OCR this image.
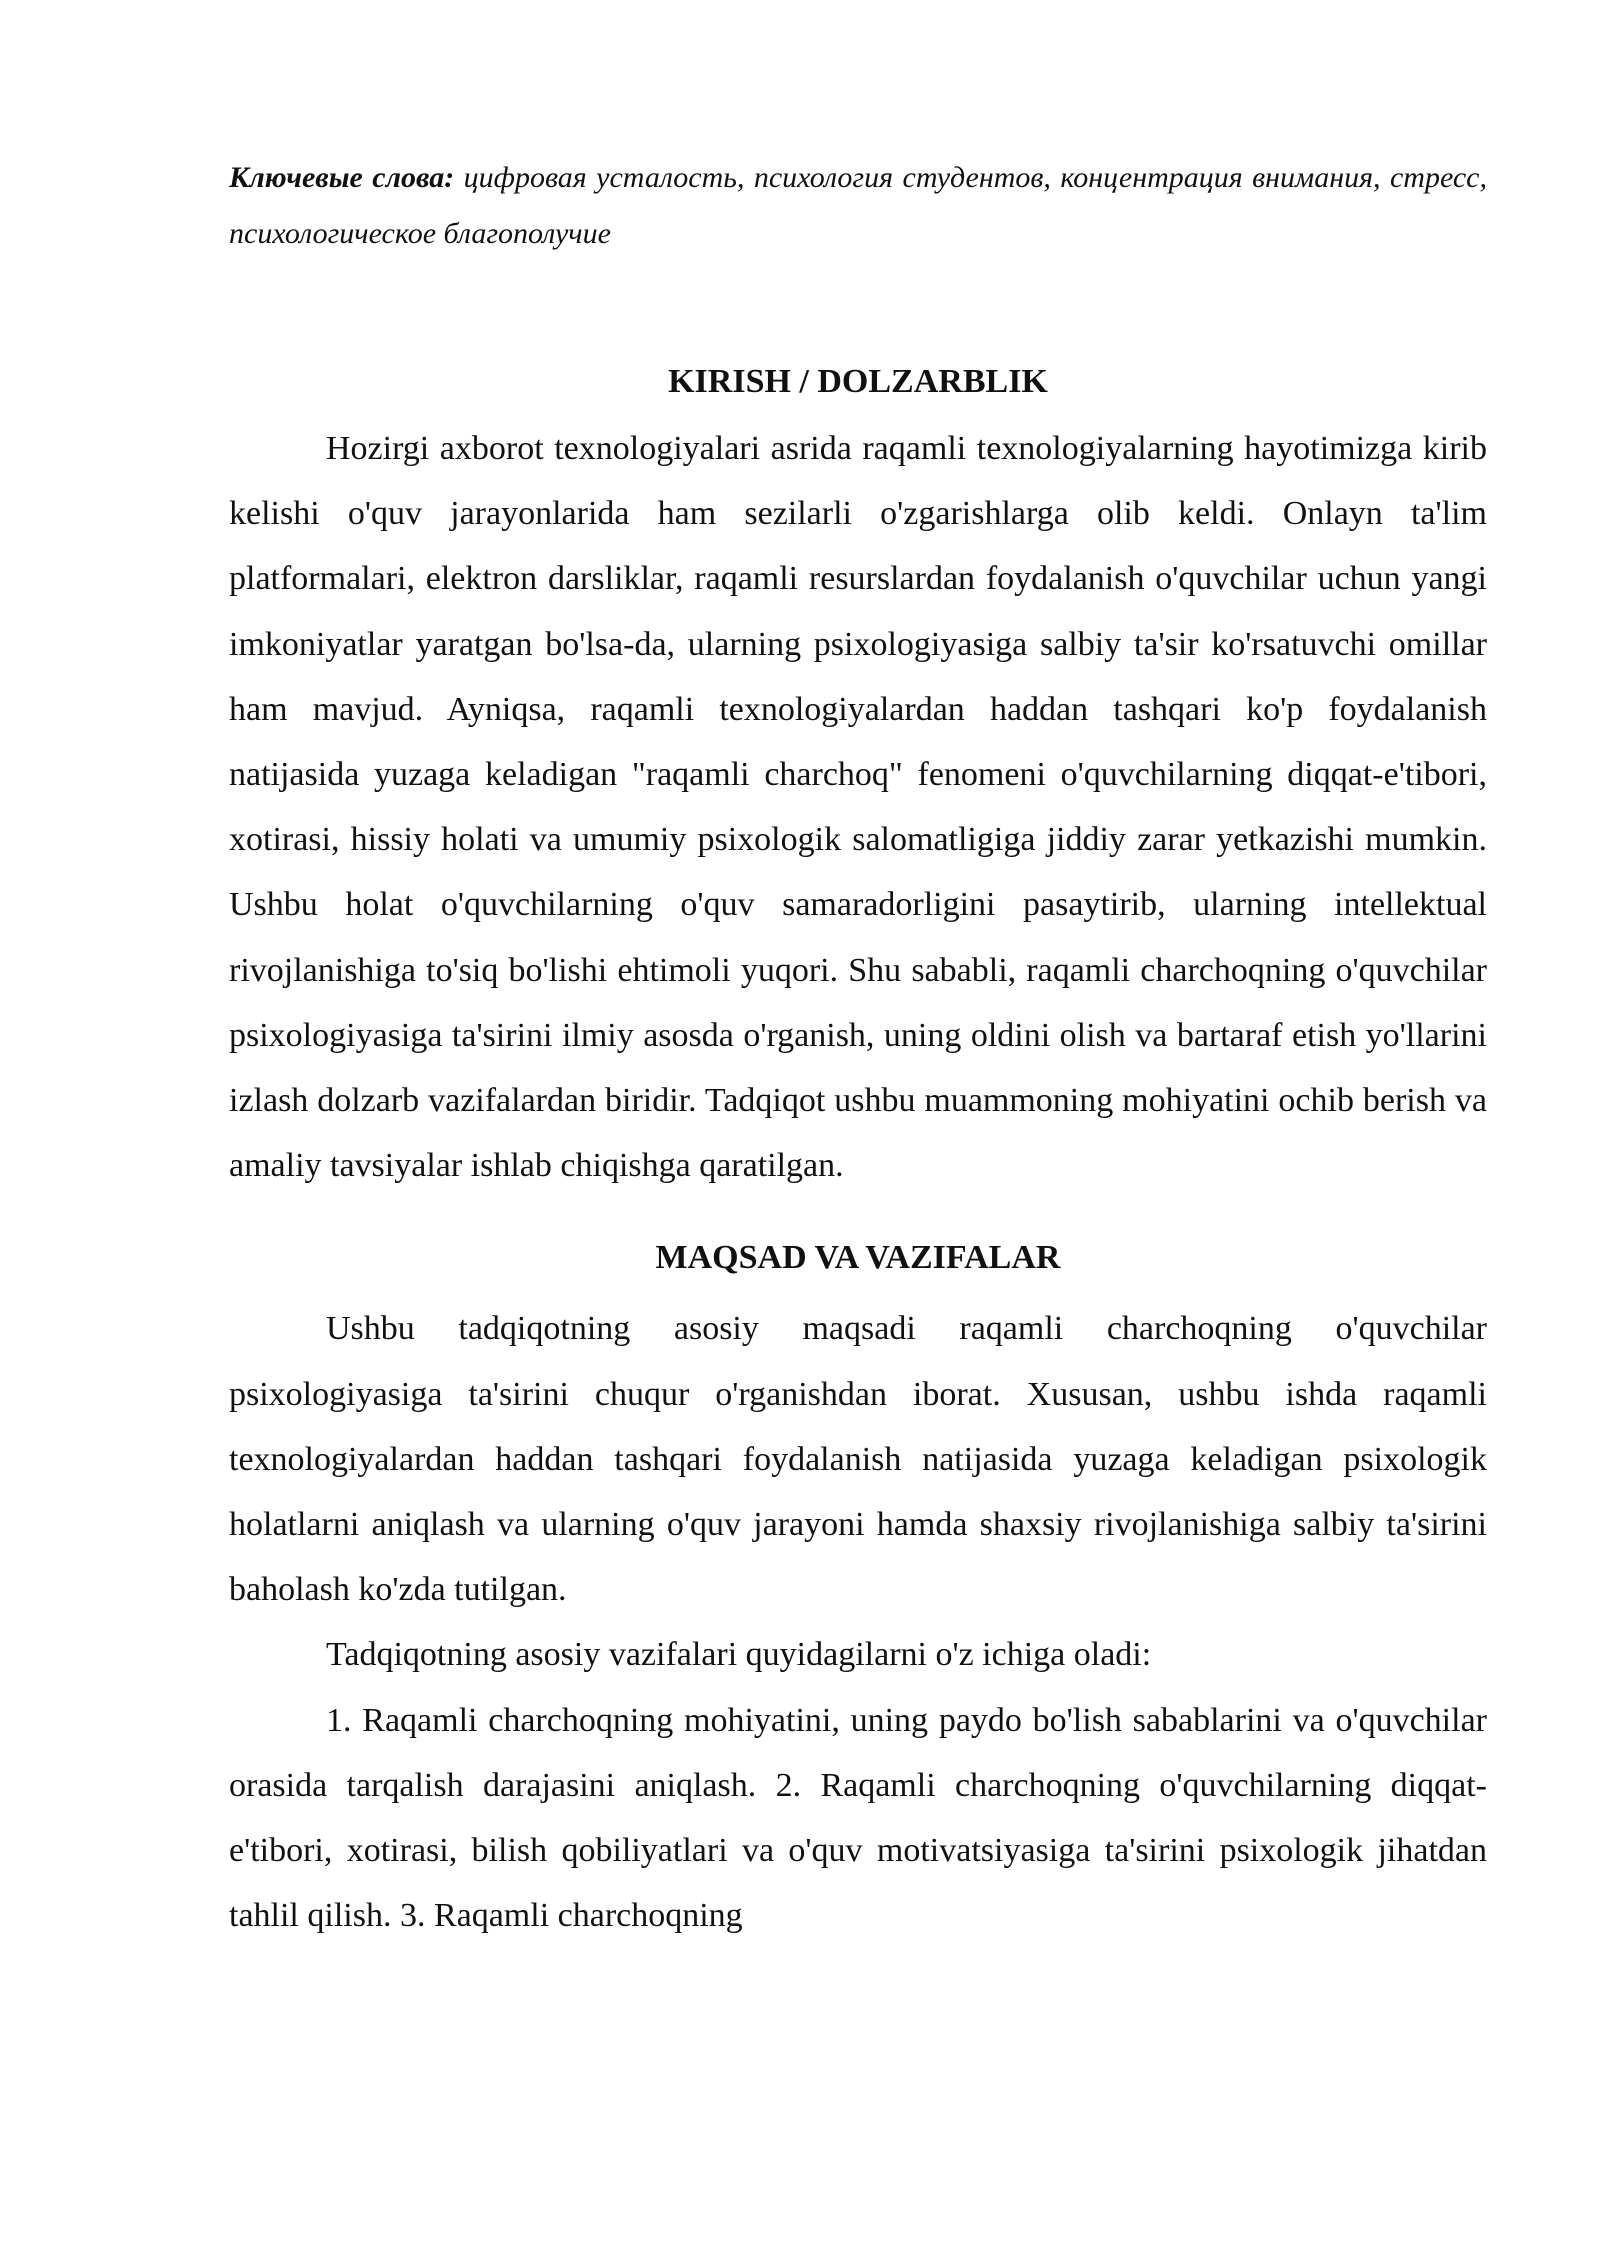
Ключевые слова: цифровая усталость, психология студентов, концентрация внимания, стресс, психологическое благополучие

KIRISH / DOLZARBLIK

Hozirgi axborot texnologiyalari asrida raqamli texnologiyalarning hayotimizga kirib kelishi o'quv jarayonlarida ham sezilarli o'zgarishlarga olib keldi. Onlayn ta'lim platformalari, elektron darsliklar, raqamli resurslardan foydalanish o'quvchilar uchun yangi imkoniyatlar yaratgan bo'lsa-da, ularning psixologiyasiga salbiy ta'sir ko'rsatuvchi omillar ham mavjud. Ayniqsa, raqamli texnologiyalardan haddan tashqari ko'p foydalanish natijasida yuzaga keladigan "raqamli charchoq" fenomeni o'quvchilarning diqqat-e'tibori, xotirasi, hissiy holati va umumiy psixologik salomatligiga jiddiy zarar yetkazishi mumkin. Ushbu holat o'quvchilarning o'quv samaradorligini pasaytirib, ularning intellektual rivojlanishiga to'siq bo'lishi ehtimoli yuqori. Shu sababli, raqamli charchoqning o'quvchilar psixologiyasiga ta'sirini ilmiy asosda o'rganish, uning oldini olish va bartaraf etish yo'llarini izlash dolzarb vazifalardan biridir. Tadqiqot ushbu muammoning mohiyatini ochib berish va amaliy tavsiyalar ishlab chiqishga qaratilgan.

MAQSAD VA VAZIFALAR

Ushbu tadqiqotning asosiy maqsadi raqamli charchoqning o'quvchilar psixologiyasiga ta'sirini chuqur o'rganishdan iborat. Xususan, ushbu ishda raqamli texnologiyalardan haddan tashqari foydalanish natijasida yuzaga keladigan psixologik holatlarni aniqlash va ularning o'quv jarayoni hamda shaxsiy rivojlanishiga salbiy ta'sirini baholash ko'zda tutilgan.

Tadqiqotning asosiy vazifalari quyidagilarni o'z ichiga oladi:

1. Raqamli charchoqning mohiyatini, uning paydo bo'lish sabablarini va o'quvchilar orasida tarqalish darajasini aniqlash. 2. Raqamli charchoqning o'quvchilarning diqqat-e'tibori, xotirasi, bilish qobiliyatlari va o'quv motivatsiyasiga ta'sirini psixologik jihatdan tahlil qilish. 3. Raqamli charchoqning
